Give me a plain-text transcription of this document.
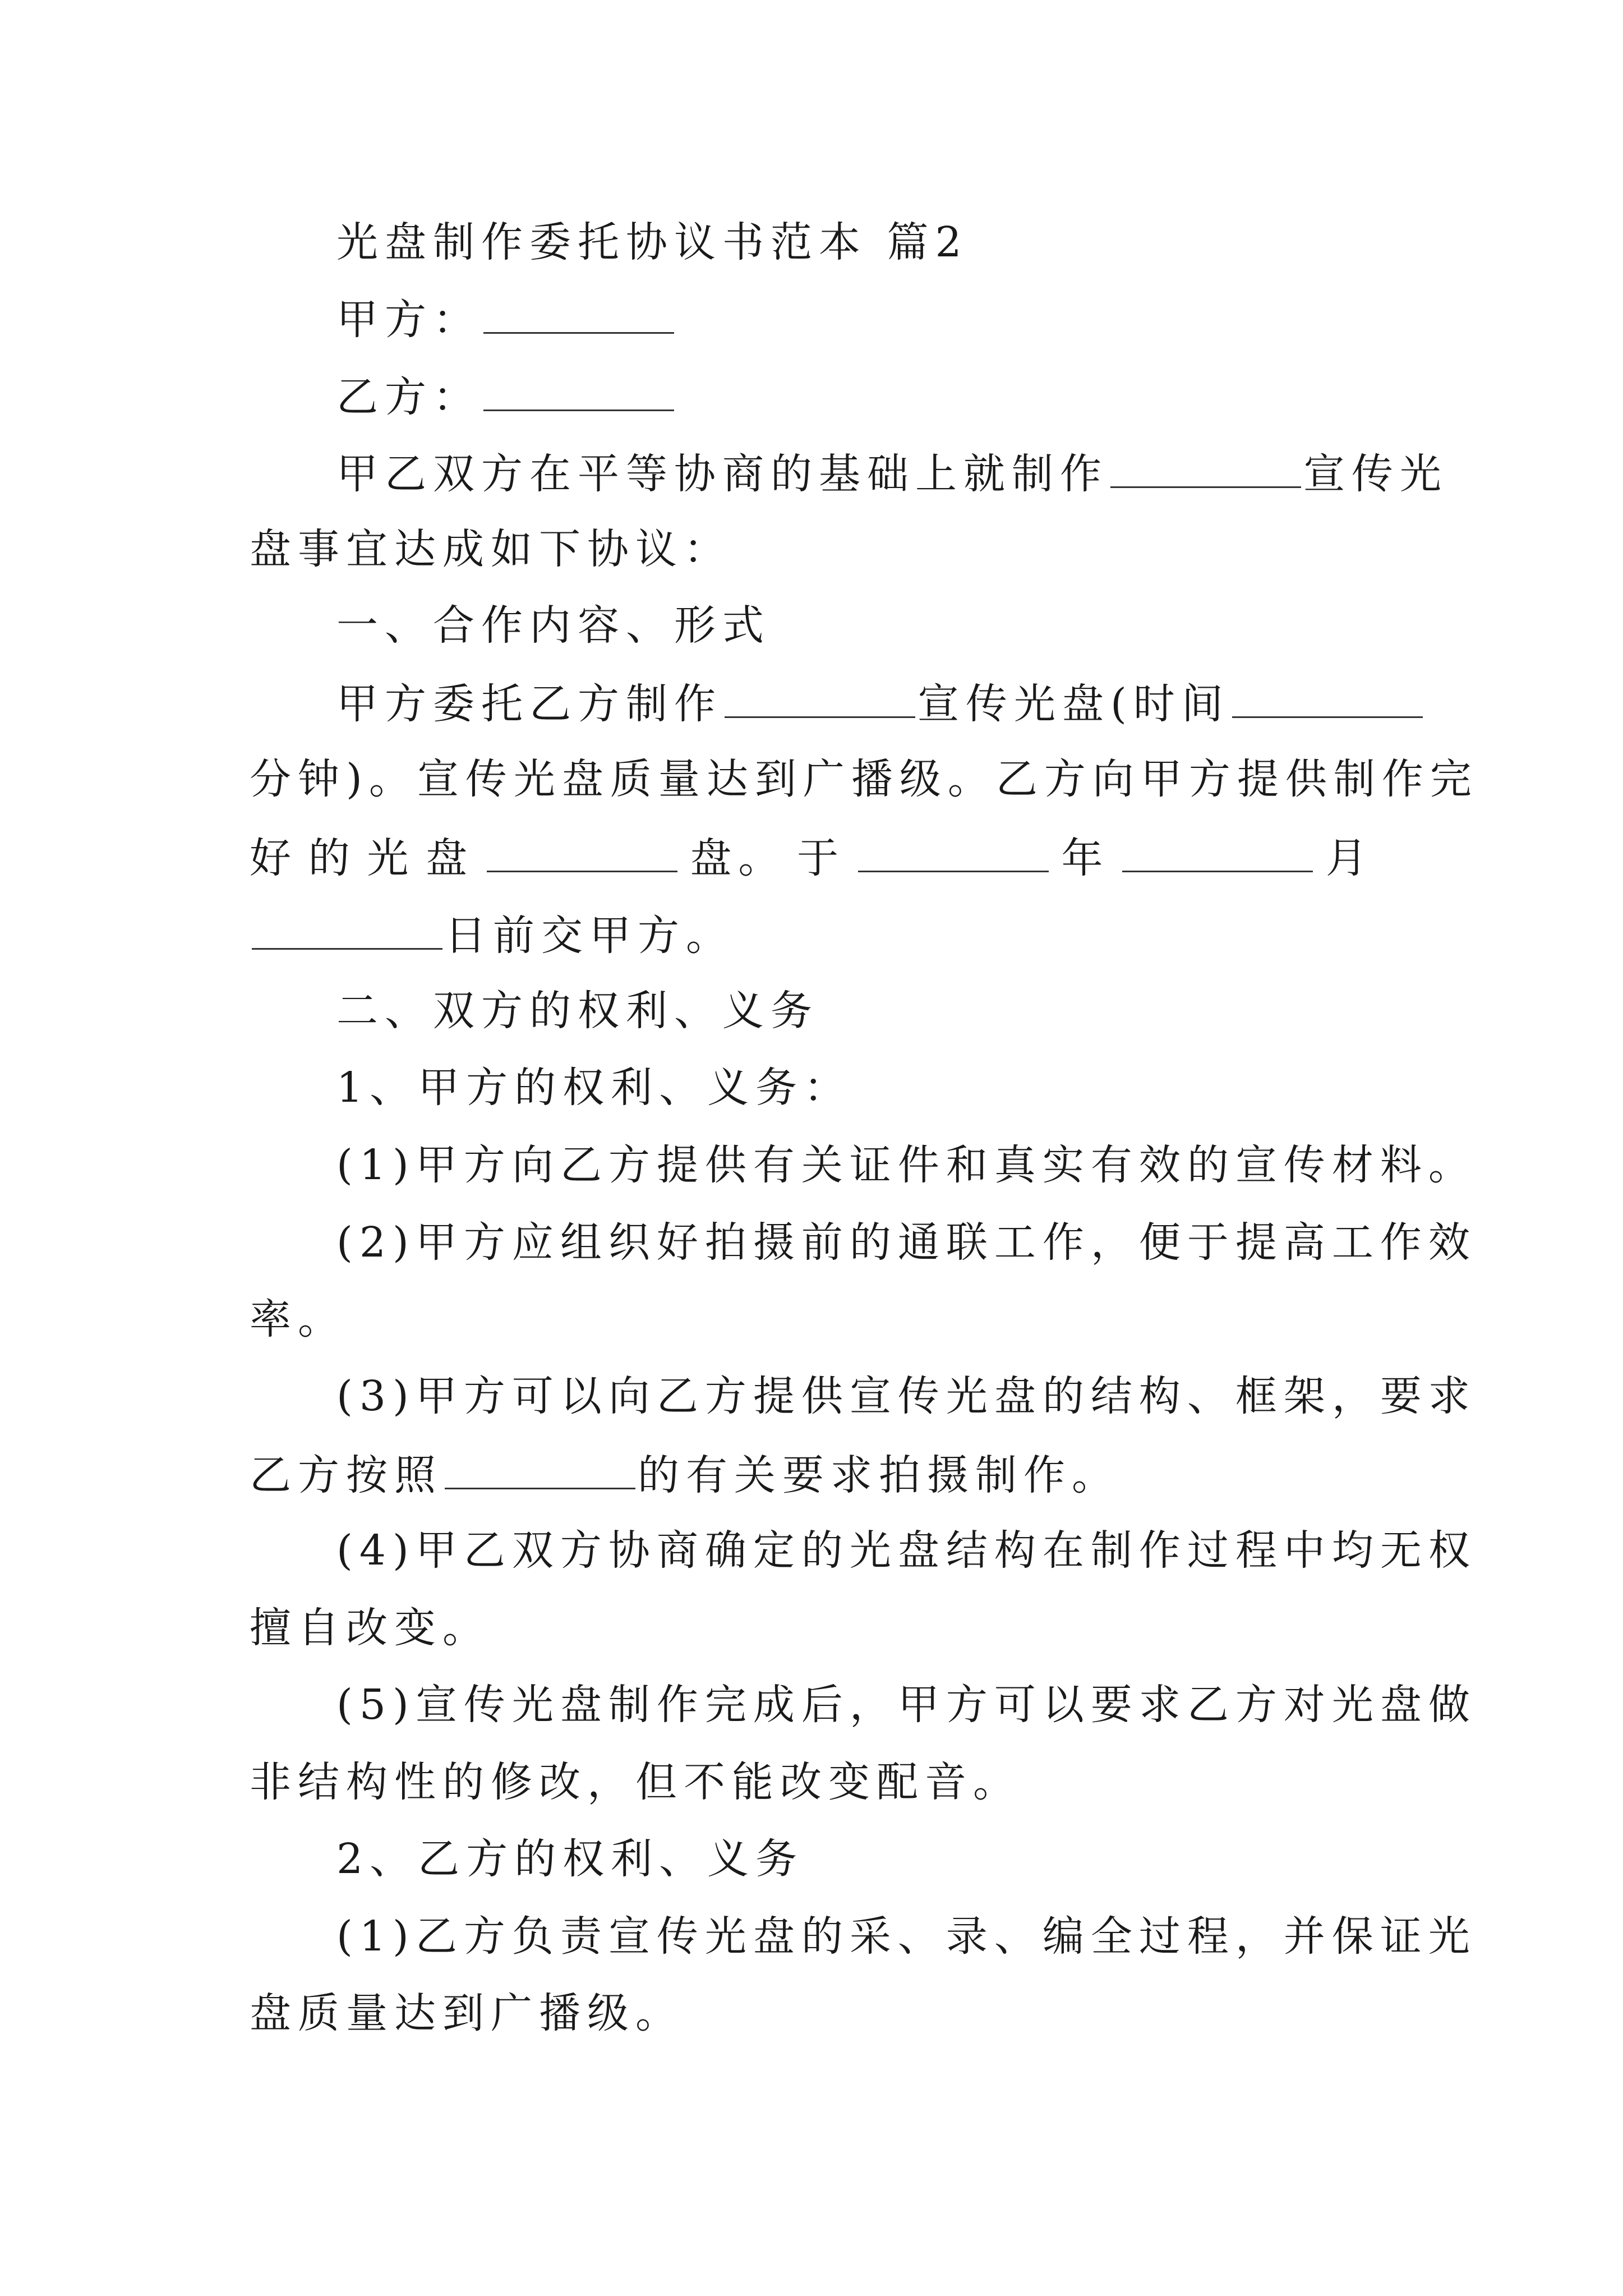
光盘制作委托协议书范本 篇2
甲方：
乙方：
甲乙双方在平等协商的基础上就制作	宣传光
盘事宜达成如下协议：
一、合作内容、形式
甲方委托乙方制作	宣传光盘(时间
分钟)。宣传光盘质量达到广播级。乙方向甲方提供制作完
好 的 光 盘	盘。 于	年	月
日前交甲方。
二、双方的权利、义务
1、甲方的权利、义务：
(1)甲方向乙方提供有关证件和真实有效的宣传材料。
(2)甲方应组织好拍摄前的通联工作，便于提高工作效
率。
(3)甲方可以向乙方提供宣传光盘的结构、框架，要求
乙方按照	的有关要求拍摄制作。
(4)甲乙双方协商确定的光盘结构在制作过程中均无权
擅自改变。
(5)宣传光盘制作完成后，甲方可以要求乙方对光盘做
非结构性的修改，但不能改变配音。
2、乙方的权利、义务
(1)乙方负责宣传光盘的采、录、编全过程，并保证光
盘质量达到广播级。
